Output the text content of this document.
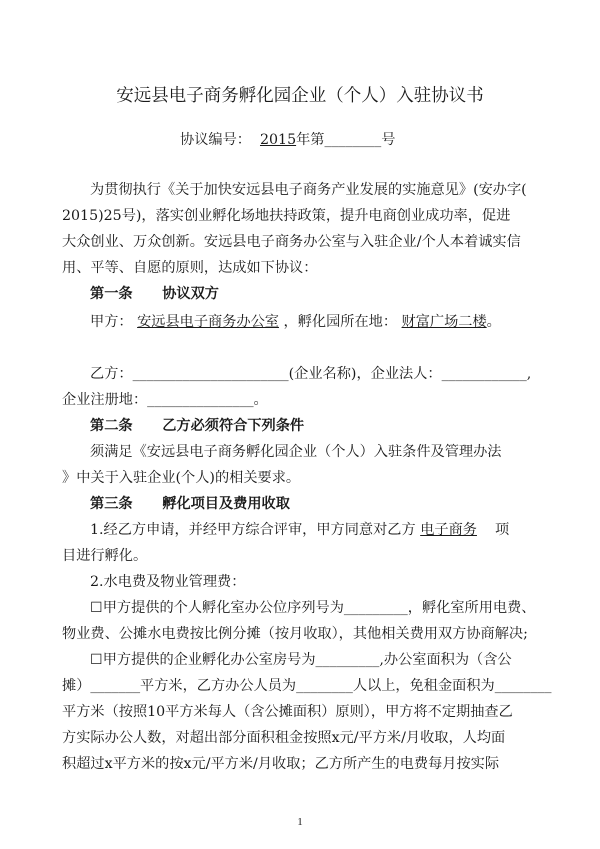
安远县电子商务孵化园企业（个人）入驻协议书
协议编号： 2015年第________号
为贯彻执行《关于加快安远县电子商务产业发展的实施意见》(安办字(
2015)25号)，落实创业孵化场地扶持政策，提升电商创业成功率，促进
大众创业、万众创新。安远县电子商务办公室与入驻企业/个人本着诚实信
用、平等、自愿的原则，达成如下协议：
第一条 协议双方
甲方： 安远县电子商务办公室 ，孵化园所在地： 财富广场二楼。
乙方：______________________(企业名称)，企业法人：____________,
企业注册地：_______________。
第二条 乙方必须符合下列条件
须满足《安远县电子商务孵化园企业（个人）入驻条件及管理办法
》中关于入驻企业(个人)的相关要求。
第三条 孵化项目及费用收取
1.经乙方申请，并经甲方综合评审，甲方同意对乙方 电子商务 项
目进行孵化。
2.水电费及物业管理费：
☐甲方提供的个人孵化室办公位序列号为_________，孵化室所用电费、
物业费、公摊水电费按比例分摊（按月收取），其他相关费用双方协商解决;
☐甲方提供的企业孵化办公室房号为_________,办公室面积为（含公
摊）_______平方米，乙方办公人员为________人以上，免租金面积为________
平方米（按照10平方米每人（含公摊面积）原则），甲方将不定期抽查乙
方实际办公人数，对超出部分面积租金按照x元/平方米/月收取，人均面
积超过x平方米的按x元/平方米/月收取；乙方所产生的电费每月按实际
1
